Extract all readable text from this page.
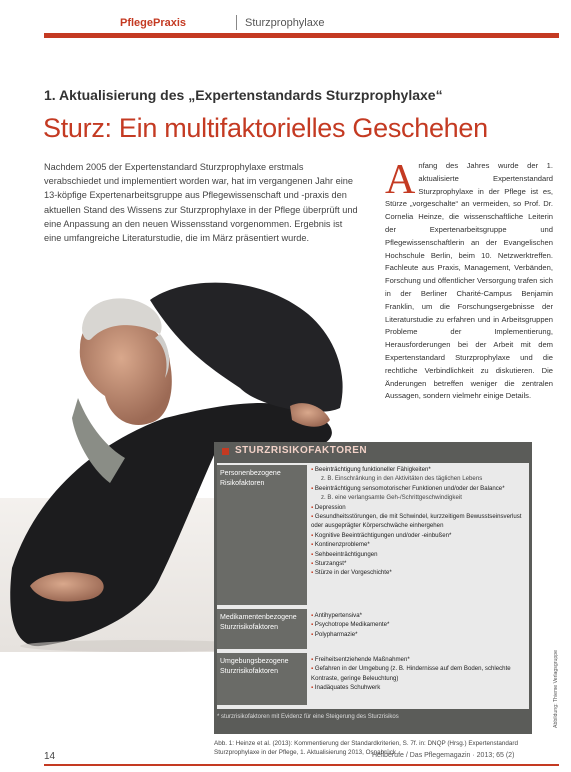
PflegePraxis	Sturzprophylaxe
1. Aktualisierung des „Expertenstandards Sturzprophylaxe“
Sturz: Ein multifaktorielles Geschehen
Nachdem 2005 der Expertenstandard Sturzprophylaxe erstmals verabschiedet und implementiert worden war, hat im vergangenen Jahr eine 13-köpfige Expertenarbeitsgruppe aus Pflegewissenschaft und -praxis den aktuellen Stand des Wissens zur Sturzprophylaxe in der Pflege überprüft und eine Anpassung an den neuen Wissensstand vorgenommen. Ergebnis ist eine umfangreiche Literaturstudie, die im März präsentiert wurde.
A nfang des Jahres wurde der 1. aktualisierte Expertenstandard Sturzprophylaxe in der Pflege ist es, Stürze „vorgeschalte“ an vermeiden, so Prof. Dr. Cornelia Heinze, die wissenschaftliche Leiterin der Expertenarbeitsgruppe und Pflegewissenschaftlerin an der Evangelischen Hochschule Berlin, beim 10. Netzwerktreffen. Fachleute aus Praxis, Management, Verbänden, Forschung und öffentlicher Versorgung trafen sich in der Berliner Charité-Campus Benjamin Franklin, um die Forschungsergebnisse der Literaturstudie zu erfahren und in Arbeitsgruppen Probleme der Implementierung, Herausforderungen bei der Arbeit mit dem Expertenstandard Sturzprophylaxe und die rechtliche Verbindlichkeit zu diskutieren. Die Änderungen betreffen weniger die zentralen Aussagen, sondern vielmehr einige Details.
STURZRISIKOFAKTOREN
Personenbezogene Risikofaktoren
▪ Beeinträchtigung funktioneller Fähigkeiten*
z. B. Einschränkung in den Aktivitäten des täglichen Lebens
▪ Beeinträchtigung sensomotorischer Funktionen und/oder der Balance*
z. B. eine verlangsamte Geh-/Schrittgeschwindigkeit
▪ Depression
▪ Gesundheitsstörungen, die mit Schwindel, kurzzeitigem Bewusstseinsverlust oder ausgeprägter Körperschwäche einhergehen
▪ Kognitive Beeinträchtigungen und/oder -einbußen*
▪ Kontinenzprobleme*
▪ Sehbeeinträchtigungen
▪ Sturzangst*
▪ Stürze in der Vorgeschichte*
Medikamentenbezogene Sturzrisikofaktoren
▪ Antihypertensiva*
▪ Psychotrope Medikamente*
▪ Polypharmazie*
Umgebungsbezogene Sturzrisikofaktoren
▪ Freiheitsentziehende Maßnahmen*
▪ Gefahren in der Umgebung (z. B. Hindernisse auf dem Boden, schlechte Kontraste, geringe Beleuchtung)
▪ Inadäquates Schuhwerk
* sturzrisikofaktoren mit Evidenz für eine Steigerung des Sturzrisikos
Abb. 1: Heinze et al. (2013): Kommentierung der Standardkriterien, S. 7f. in: DNQP (Hrsg.) Expertenstandard Sturzprophylaxe in der Pflege, 1. Aktualisierung 2013, Osnabrück.
Abbildung: Thieme Verlagsgruppe
14	Heilberufe / Das Pflegemagazin · 2013; 65 (2)
